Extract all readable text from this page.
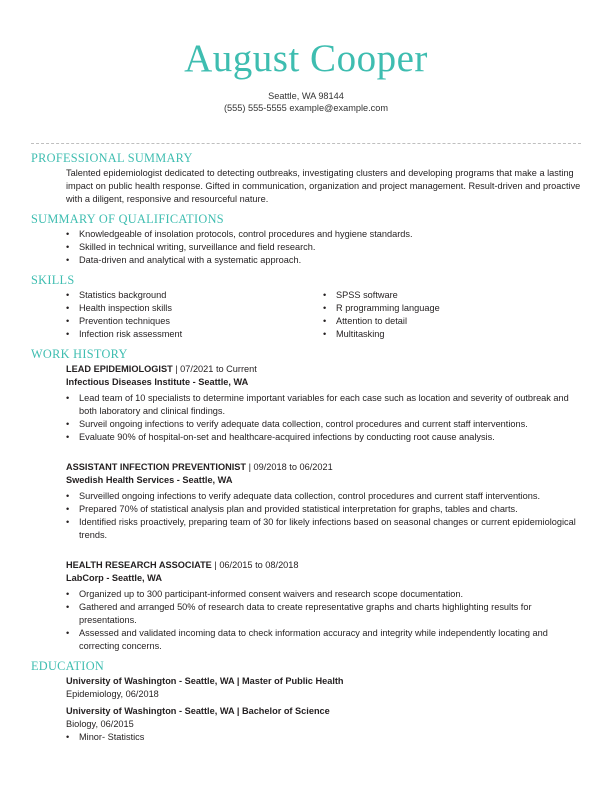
August Cooper
Seattle, WA 98144
(555) 555-5555 example@example.com
PROFESSIONAL SUMMARY
Talented epidemiologist dedicated to detecting outbreaks, investigating clusters and developing programs that make a lasting impact on public health response. Gifted in communication, organization and project management. Result-driven and proactive with a diligent, responsive and resourceful nature.
SUMMARY OF QUALIFICATIONS
• Knowledgeable of insolation protocols, control procedures and hygiene standards.
• Skilled in technical writing, surveillance and field research.
• Data-driven and analytical with a systematic approach.
SKILLS
• Statistics background
• Health inspection skills
• Prevention techniques
• Infection risk assessment
• SPSS software
• R programming language
• Attention to detail
• Multitasking
WORK HISTORY
LEAD EPIDEMIOLOGIST | 07/2021 to Current
Infectious Diseases Institute - Seattle, WA
• Lead team of 10 specialists to determine important variables for each case such as location and severity of outbreak and both laboratory and clinical findings.
• Surveil ongoing infections to verify adequate data collection, control procedures and current staff interventions.
• Evaluate 90% of hospital-on-set and healthcare-acquired infections by conducting root cause analysis.
ASSISTANT INFECTION PREVENTIONIST | 09/2018 to 06/2021
Swedish Health Services - Seattle, WA
• Surveilled ongoing infections to verify adequate data collection, control procedures and current staff interventions.
• Prepared 70% of statistical analysis plan and provided statistical interpretation for graphs, tables and charts.
• Identified risks proactively, preparing team of 30 for likely infections based on seasonal changes or current epidemiological trends.
HEALTH RESEARCH ASSOCIATE | 06/2015 to 08/2018
LabCorp - Seattle, WA
• Organized up to 300 participant-informed consent waivers and research scope documentation.
• Gathered and arranged 50% of research data to create representative graphs and charts highlighting results for presentations.
• Assessed and validated incoming data to check information accuracy and integrity while independently locating and correcting concerns.
EDUCATION
University of Washington - Seattle, WA | Master of Public Health
Epidemiology, 06/2018
University of Washington - Seattle, WA | Bachelor of Science
Biology, 06/2015
• Minor- Statistics
